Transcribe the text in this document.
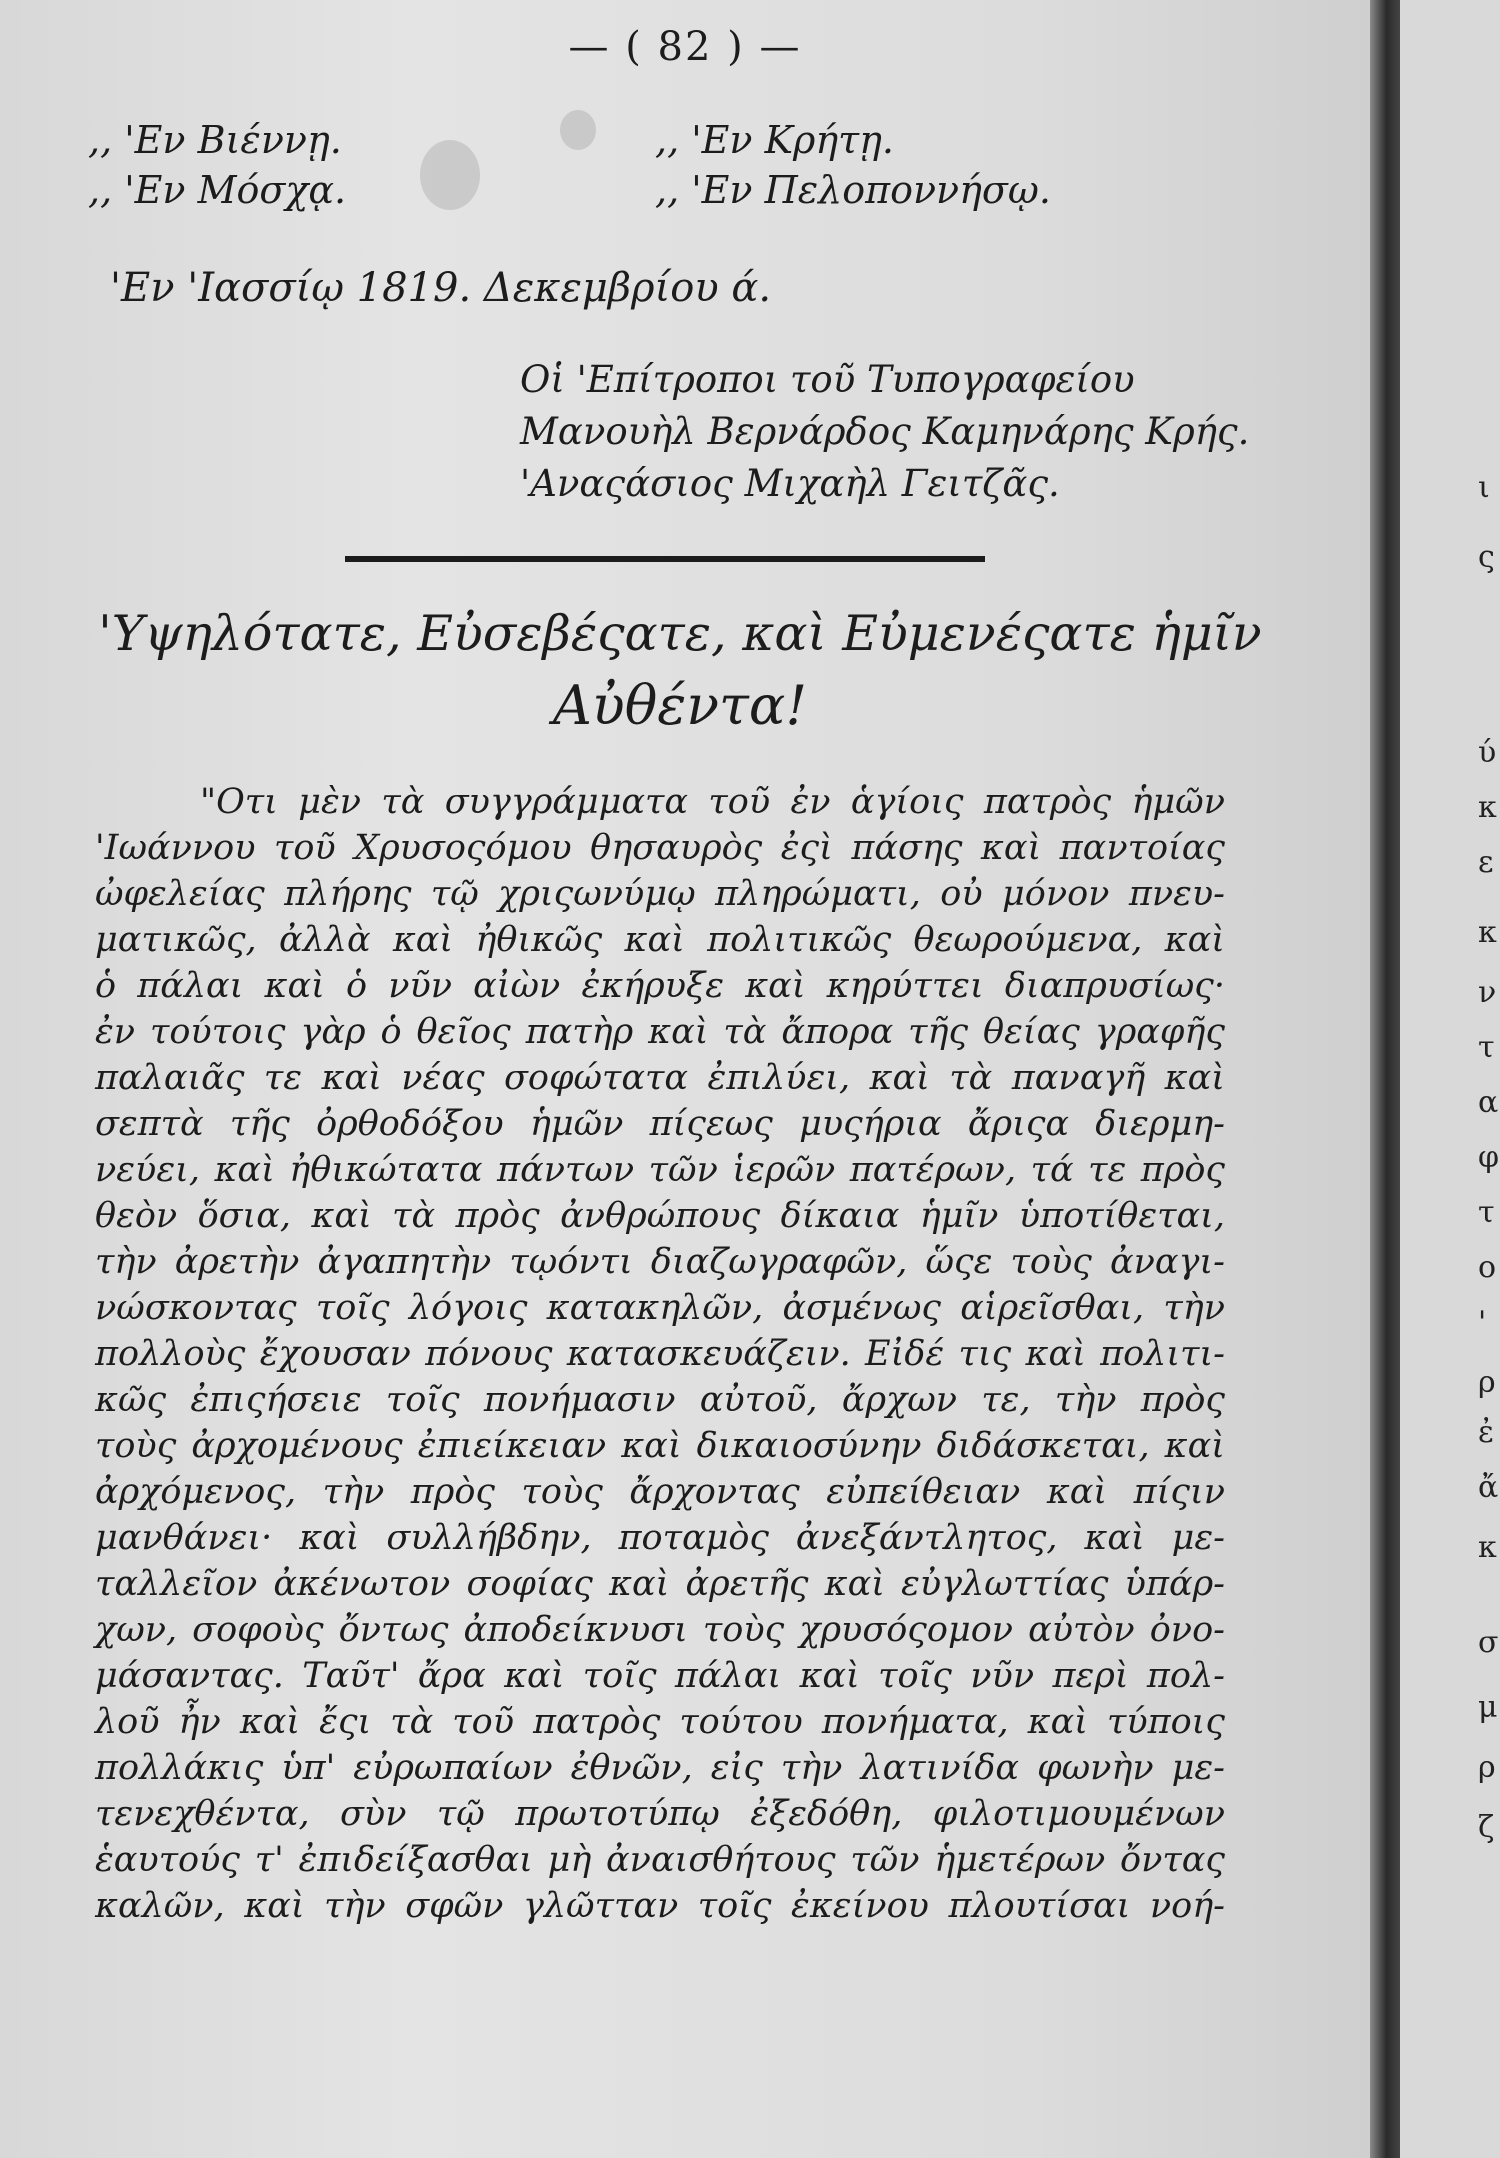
— ( 82 ) —
,, 'Εν Βιέννῃ.
,, 'Εν Μόσχᾳ.
,, 'Εν Κρήτῃ.
,, 'Εν Πελοποννήσῳ.
'Εν 'Ιασσίῳ 1819. Δεκεμβρίου ά.
Οἱ 'Επίτροποι τοῦ Τυπογραφείου
Μανουὴλ Βερνάρδος Καμηνάρης Κρής.
'Αναςάσιος Μιχαὴλ Γειτζᾶς.
'Υψηλότατε, Εὐσεβέςατε, καὶ Εὐμενέςατε ἡμῖν
Αὐθέντα!
"Οτι μὲν τὰ συγγράμματα τοῦ ἐν ἁγίοις πατρὸς ἡμῶν
'Ιωάννου τοῦ Χρυσοςόμου θησαυρὸς ἐςὶ πάσης καὶ παντοίας
ὠφελείας πλήρης τῷ χριςωνύμῳ πληρώματι, οὐ μόνον πνευ-
ματικῶς, ἀλλὰ καὶ ἠθικῶς καὶ πολιτικῶς θεωρούμενα, καὶ
ὁ πάλαι καὶ ὁ νῦν αἰὼν ἐκήρυξε καὶ κηρύττει διαπρυσίως·
ἐν τούτοις γὰρ ὁ θεῖος πατὴρ καὶ τὰ ἄπορα τῆς θείας γραφῆς
παλαιᾶς τε καὶ νέας σοφώτατα ἐπιλύει, καὶ τὰ παναγῆ καὶ
σεπτὰ τῆς ὀρθοδόξου ἡμῶν πίςεως μυςήρια ἄριςα διερμη-
νεύει, καὶ ἠθικώτατα πάντων τῶν ἱερῶν πατέρων, τά τε πρὸς
θεὸν ὅσια, καὶ τὰ πρὸς ἀνθρώπους δίκαια ἡμῖν ὑποτίθεται,
τὴν ἀρετὴν ἀγαπητὴν τῳόντι διαζωγραφῶν, ὥςε τοὺς ἀναγι-
νώσκοντας τοῖς λόγοις κατακηλῶν, ἀσμένως αἱρεῖσθαι, τὴν
πολλοὺς ἔχουσαν πόνους κατασκευάζειν. Εἰδέ τις καὶ πολιτι-
κῶς ἐπιςήσειε τοῖς πονήμασιν αὐτοῦ, ἄρχων τε, τὴν πρὸς
τοὺς ἀρχομένους ἐπιείκειαν καὶ δικαιοσύνην διδάσκεται, καὶ
ἀρχόμενος, τὴν πρὸς τοὺς ἄρχοντας εὐπείθειαν καὶ πίςιν
μανθάνει· καὶ συλλήβδην, ποταμὸς ἀνεξάντλητος, καὶ με-
ταλλεῖον ἀκένωτον σοφίας καὶ ἀρετῆς καὶ εὐγλωττίας ὑπάρ-
χων, σοφοὺς ὄντως ἀποδείκνυσι τοὺς χρυσόςομον αὐτὸν ὀνο-
μάσαντας. Ταῦτ' ἄρα καὶ τοῖς πάλαι καὶ τοῖς νῦν περὶ πολ-
λοῦ ἦν καὶ ἔςι τὰ τοῦ πατρὸς τούτου πονήματα, καὶ τύποις
πολλάκις ὑπ' εὐρωπαίων ἐθνῶν, εἰς τὴν λατινίδα φωνὴν με-
τενεχθέντα, σὺν τῷ πρωτοτύπῳ ἐξεδόθη, φιλοτιμουμένων
ἑαυτούς τ' ἐπιδείξασθαι μὴ ἀναισθήτους τῶν ἡμετέρων ὄντας
καλῶν, καὶ τὴν σφῶν γλῶτταν τοῖς ἐκείνου πλουτίσαι νοή-
ι
ς
ύ
κ
ε
κ
ν
τ
α
φ
τ
ο
'
ρ
ἐ
ἄ
κ
σ
μ
ρ
ζ
